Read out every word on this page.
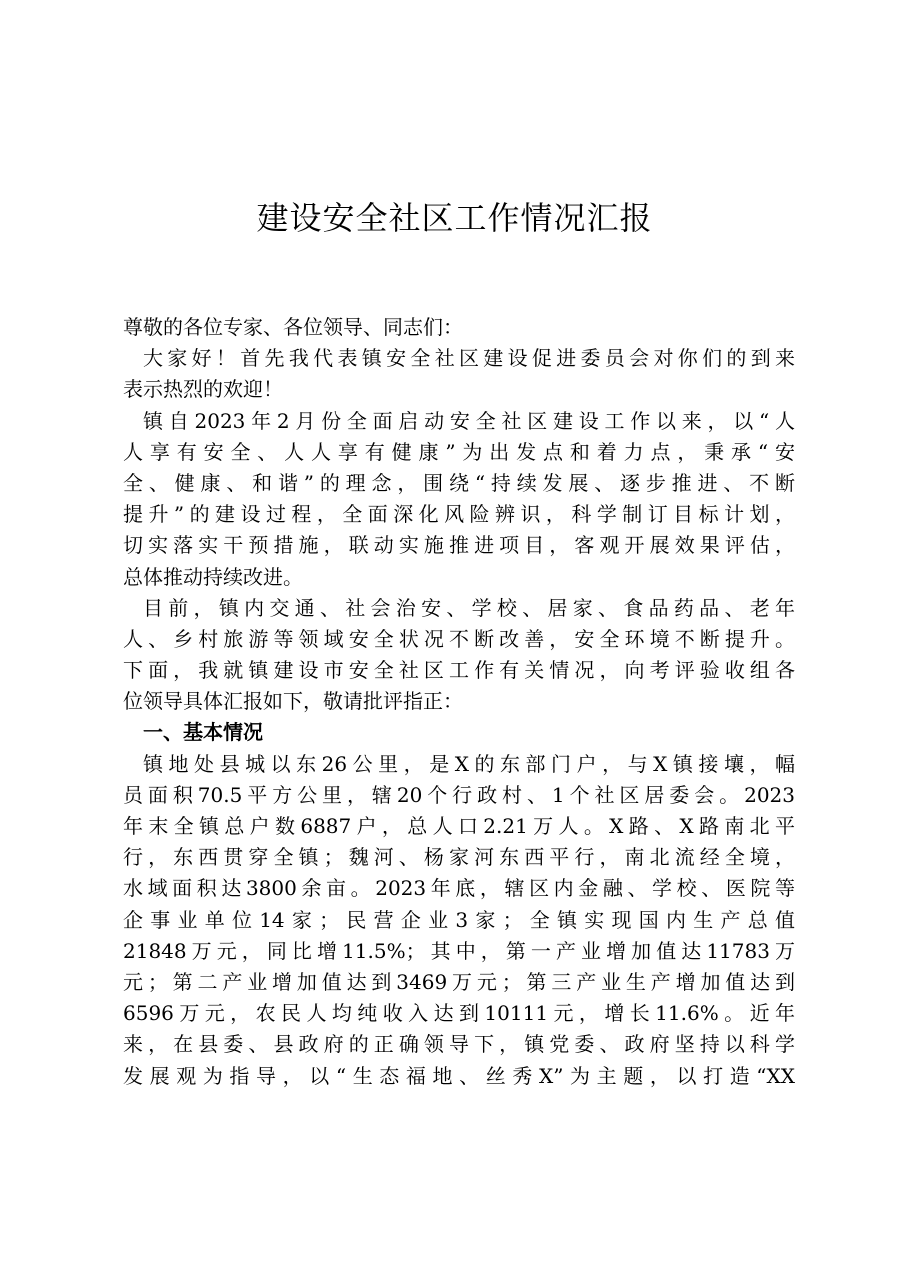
建设安全社区工作情况汇报
尊敬的各位专家、各位领导、同志们：
大家好！首先我代表镇安全社区建设促进委员会对你们的到来
表示热烈的欢迎！
镇自2023年2月份全面启动安全社区建设工作以来，以“人
人享有安全、人人享有健康”为出发点和着力点，秉承“安
全、健康、和谐”的理念，围绕“持续发展、逐步推进、不断
提升”的建设过程，全面深化风险辨识，科学制订目标计划，
切实落实干预措施，联动实施推进项目，客观开展效果评估，
总体推动持续改进。
目前，镇内交通、社会治安、学校、居家、食品药品、老年
人、乡村旅游等领域安全状况不断改善，安全环境不断提升。
下面，我就镇建设市安全社区工作有关情况，向考评验收组各
位领导具体汇报如下，敬请批评指正：
一、基本情况
镇地处县城以东26公里，是X的东部门户，与X镇接壤，幅
员面积70.5平方公里，辖20个行政村、1个社区居委会。2023
年末全镇总户数6887户，总人口2.21万人。X路、X路南北平
行，东西贯穿全镇；魏河、杨家河东西平行，南北流经全境，
水域面积达3800余亩。2023年底，辖区内金融、学校、医院等
企事业单位14家；民营企业3家；全镇实现国内生产总值
21848万元，同比增11.5%；其中，第一产业增加值达11783万
元；第二产业增加值达到3469万元；第三产业生产增加值达到
6596万元，农民人均纯收入达到10111元，增长11.6%。近年
来，在县委、县政府的正确领导下，镇党委、政府坚持以科学
发展观为指导，以“生态福地、丝秀X”为主题，以打造“XX
